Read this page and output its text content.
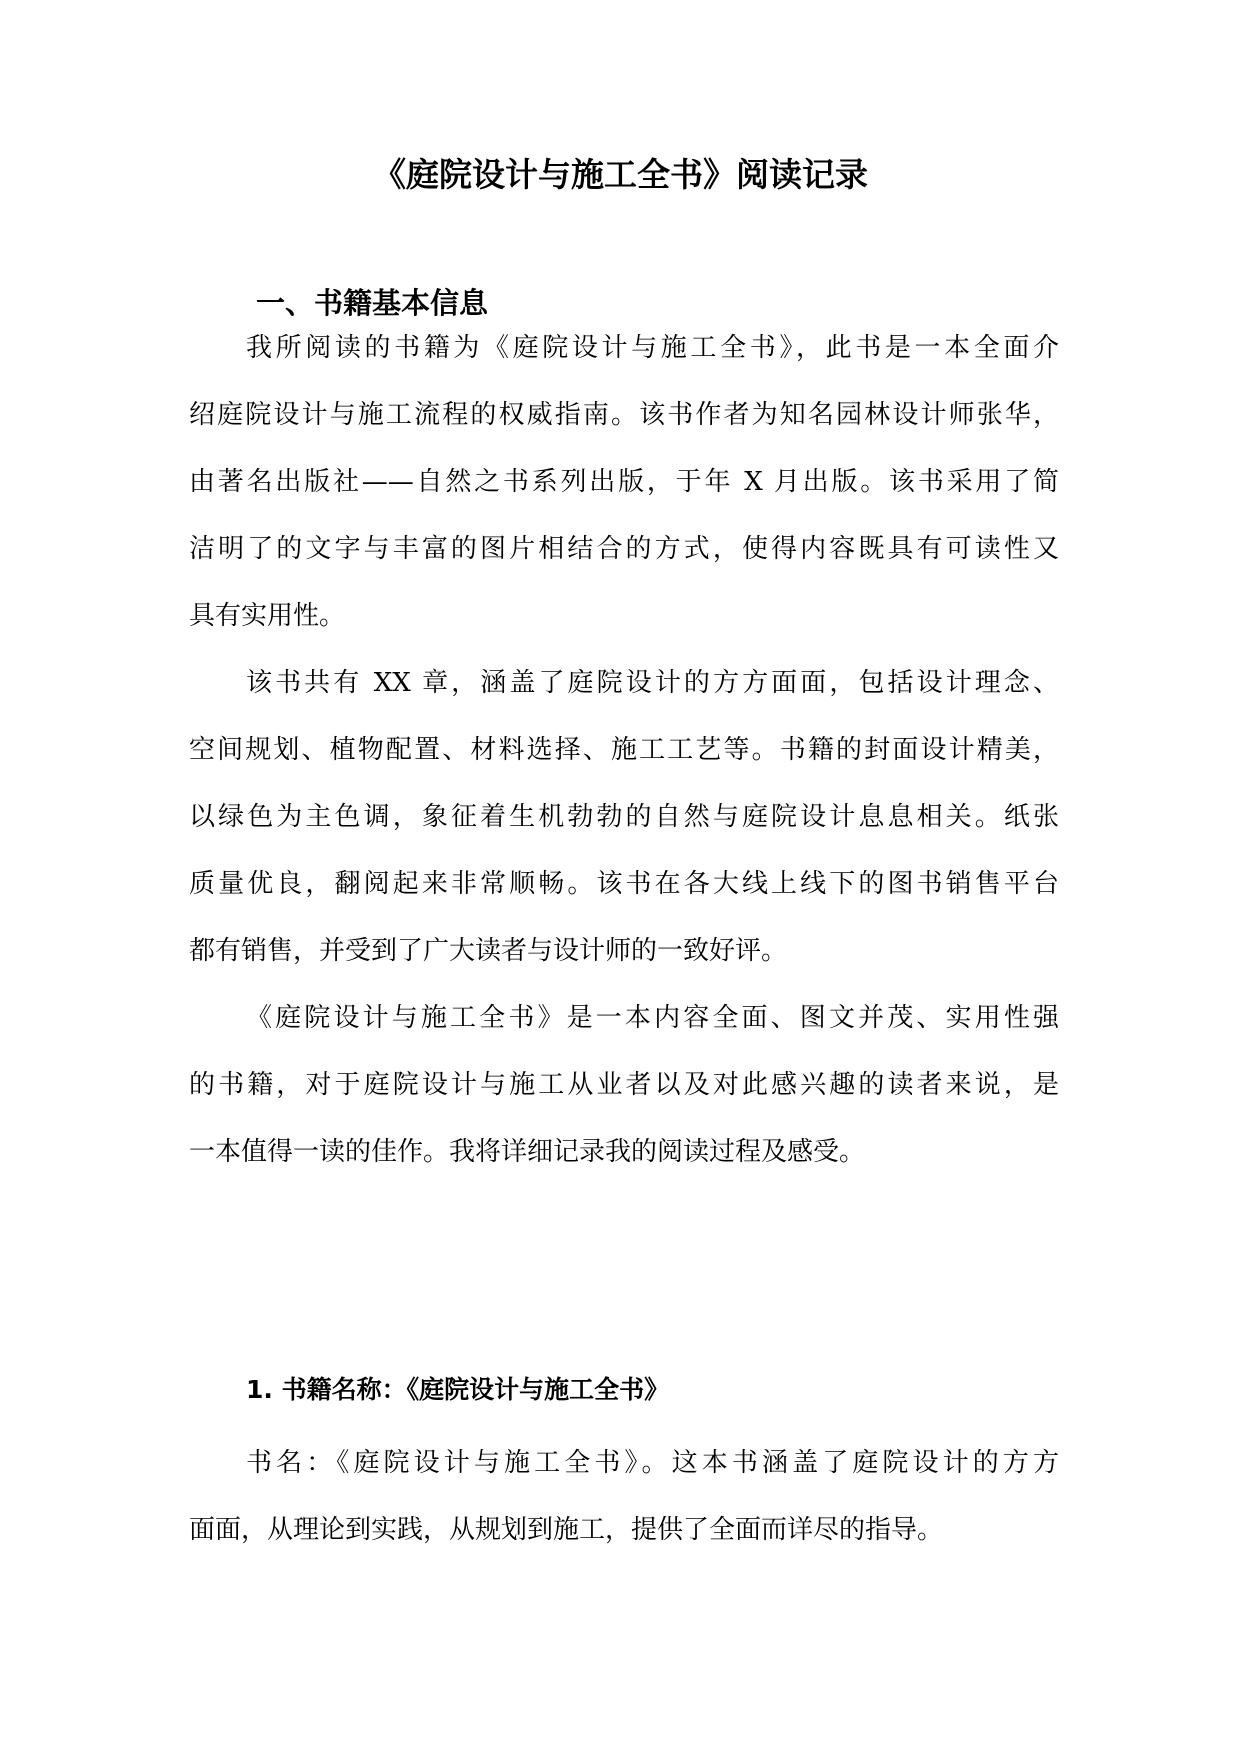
《庭院设计与施工全书》阅读记录
一、书籍基本信息

我所阅读的书籍为《庭院设计与施工全书》，此书是一本全面介

绍庭院设计与施工流程的权威指南。该书作者为知名园林设计师张华，

由著名出版社——自然之书系列出版，于年 X 月出版。该书采用了简

洁明了的文字与丰富的图片相结合的方式，使得内容既具有可读性又

具有实用性。

该书共有 XX 章，涵盖了庭院设计的方方面面，包括设计理念、

空间规划、植物配置、材料选择、施工工艺等。书籍的封面设计精美，

以绿色为主色调，象征着生机勃勃的自然与庭院设计息息相关。纸张

质量优良，翻阅起来非常顺畅。该书在各大线上线下的图书销售平台

都有销售，并受到了广大读者与设计师的一致好评。

《庭院设计与施工全书》是一本内容全面、图文并茂、实用性强

的书籍，对于庭院设计与施工从业者以及对此感兴趣的读者来说，是

一本值得一读的佳作。我将详细记录我的阅读过程及感受。

1. 书籍名称：《庭院设计与施工全书》

书名：《庭院设计与施工全书》。这本书涵盖了庭院设计的方方

面面，从理论到实践，从规划到施工，提供了全面而详尽的指导。
